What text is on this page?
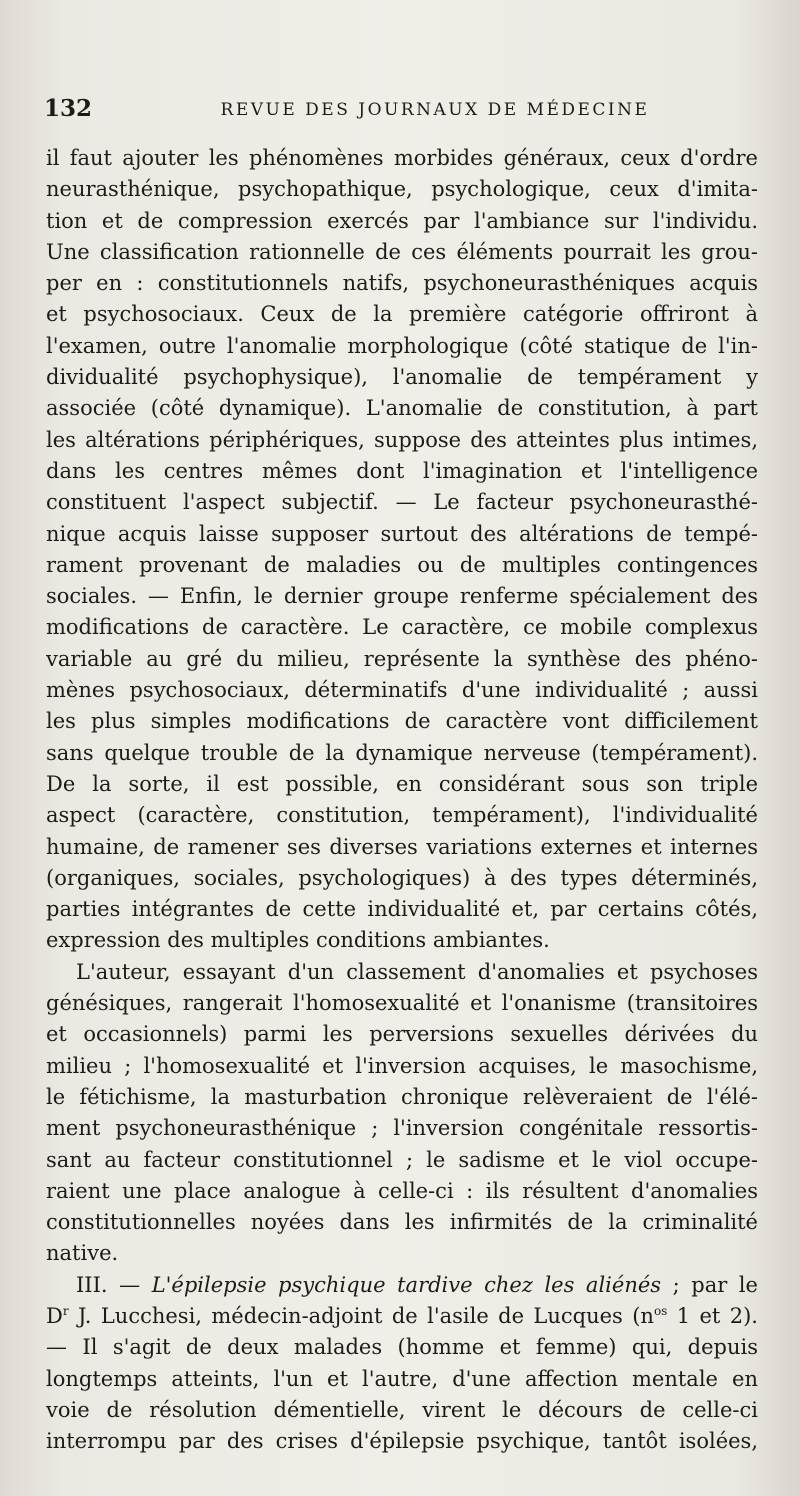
132	REVUE DES JOURNAUX DE MÉDECINE
il faut ajouter les phénomènes morbides généraux, ceux d'ordre
neurasthénique, psychopathique, psychologique, ceux d'imita-
tion et de compression exercés par l'ambiance sur l'individu.
Une classification rationnelle de ces éléments pourrait les grou-
per en : constitutionnels natifs, psychoneurasthéniques acquis
et psychosociaux. Ceux de la première catégorie offriront à
l'examen, outre l'anomalie morphologique (côté statique de l'in-
dividualité psychophysique), l'anomalie de tempérament y
associée (côté dynamique). L'anomalie de constitution, à part
les altérations périphériques, suppose des atteintes plus intimes,
dans les centres mêmes dont l'imagination et l'intelligence
constituent l'aspect subjectif. — Le facteur psychoneurasthé-
nique acquis laisse supposer surtout des altérations de tempé-
rament provenant de maladies ou de multiples contingences
sociales. — Enfin, le dernier groupe renferme spécialement des
modifications de caractère. Le caractère, ce mobile complexus
variable au gré du milieu, représente la synthèse des phéno-
mènes psychosociaux, déterminatifs d'une individualité ; aussi
les plus simples modifications de caractère vont difficilement
sans quelque trouble de la dynamique nerveuse (tempérament).
De la sorte, il est possible, en considérant sous son triple
aspect (caractère, constitution, tempérament), l'individualité
humaine, de ramener ses diverses variations externes et internes
(organiques, sociales, psychologiques) à des types déterminés,
parties intégrantes de cette individualité et, par certains côtés,
expression des multiples conditions ambiantes.
L'auteur, essayant d'un classement d'anomalies et psychoses
génésiques, rangerait l'homosexualité et l'onanisme (transitoires
et occasionnels) parmi les perversions sexuelles dérivées du
milieu ; l'homosexualité et l'inversion acquises, le masochisme,
le fétichisme, la masturbation chronique relèveraient de l'élé-
ment psychoneurasthénique ; l'inversion congénitale ressortis-
sant au facteur constitutionnel ; le sadisme et le viol occupe-
raient une place analogue à celle-ci : ils résultent d'anomalies
constitutionnelles noyées dans les infirmités de la criminalité
native.
III. — L'épilepsie psychique tardive chez les aliénés ; par le
$D^r$ J. Lucchesi, médecin-adjoint de l'asile de Lucques ($n^{os}$ 1 et 2).
— Il s'agit de deux malades (homme et femme) qui, depuis
longtemps atteints, l'un et l'autre, d'une affection mentale en
voie de résolution démentielle, virent le décours de celle-ci
interrompu par des crises d'épilepsie psychique, tantôt isolées,
